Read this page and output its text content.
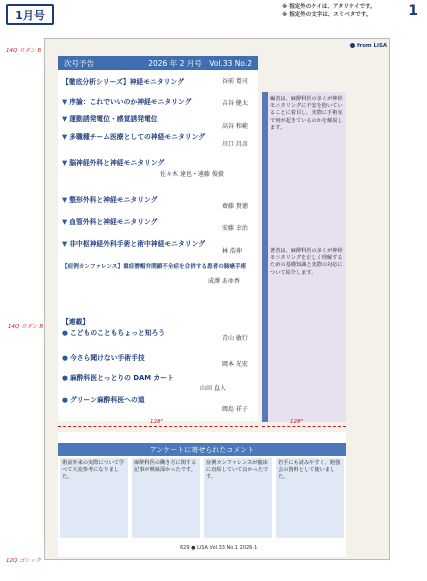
1月号	1
※ 指定外のケイは、アタリケイです。
※ 指定外の文字は、スミベタです。
from LiSA
次号予告	2026 年 2 月号　Vol.33 No.2
【徹底分析シリーズ】神経モニタリング	谷前 寛司
▼ 序論：これでいいのか神経モニタリング	吉谷 健太
▼ 運動誘発電位・感覚誘発電位
高谷 和範
▼ 多職種チーム医療としての神経モニタリング
川口 昌彦
▼ 脳神経外科と神経モニタリング
佐々木 達也・遠藤 俊毅
▼ 整形外科と神経モニタリング
齋藤 貴徳
▼ 血管外科と神経モニタリング
安藤 幸治
▼ 非中枢神経外科手術と術中神経モニタリング
林 浩伸
【症例カンファレンス】重症僧帽弁閉鎖不全症を合併する患者の肺癌手術
成澤 あゆ香
【連載】
● こどものこともちょっと知ろう
青山 敏行
● 今さら聞けない手術手技
岡本 光宏
● 麻酔科医とっとりの DAM カート
山田 直人
● グリーン麻酔科医への道
岡島 祥子
編者は、麻酔科医の多くが神経モニタリングに不安を抱いていることに着目し、実際に手術室で何が起きているのかを解説します。
著者は、麻酔科医の多くが神経モニタリングを正しく理解するための基礎知識と実際の対応について紹介します。
アンケートに寄せられたコメント
術前外来の実際について学べて大変参考になりました。
麻酔科医の働き方に関する記事が興味深かったです。
症例カンファレンスが臨床に直結していて良かったです。
若手にも読みやすく、勉強会の資料として使いました。
629 ● LiSA Vol.33 No.1 2026-1
14Q ロダン B
14Q ロダン B
128ᴴ	128ᴴ
12Q ゴシック
